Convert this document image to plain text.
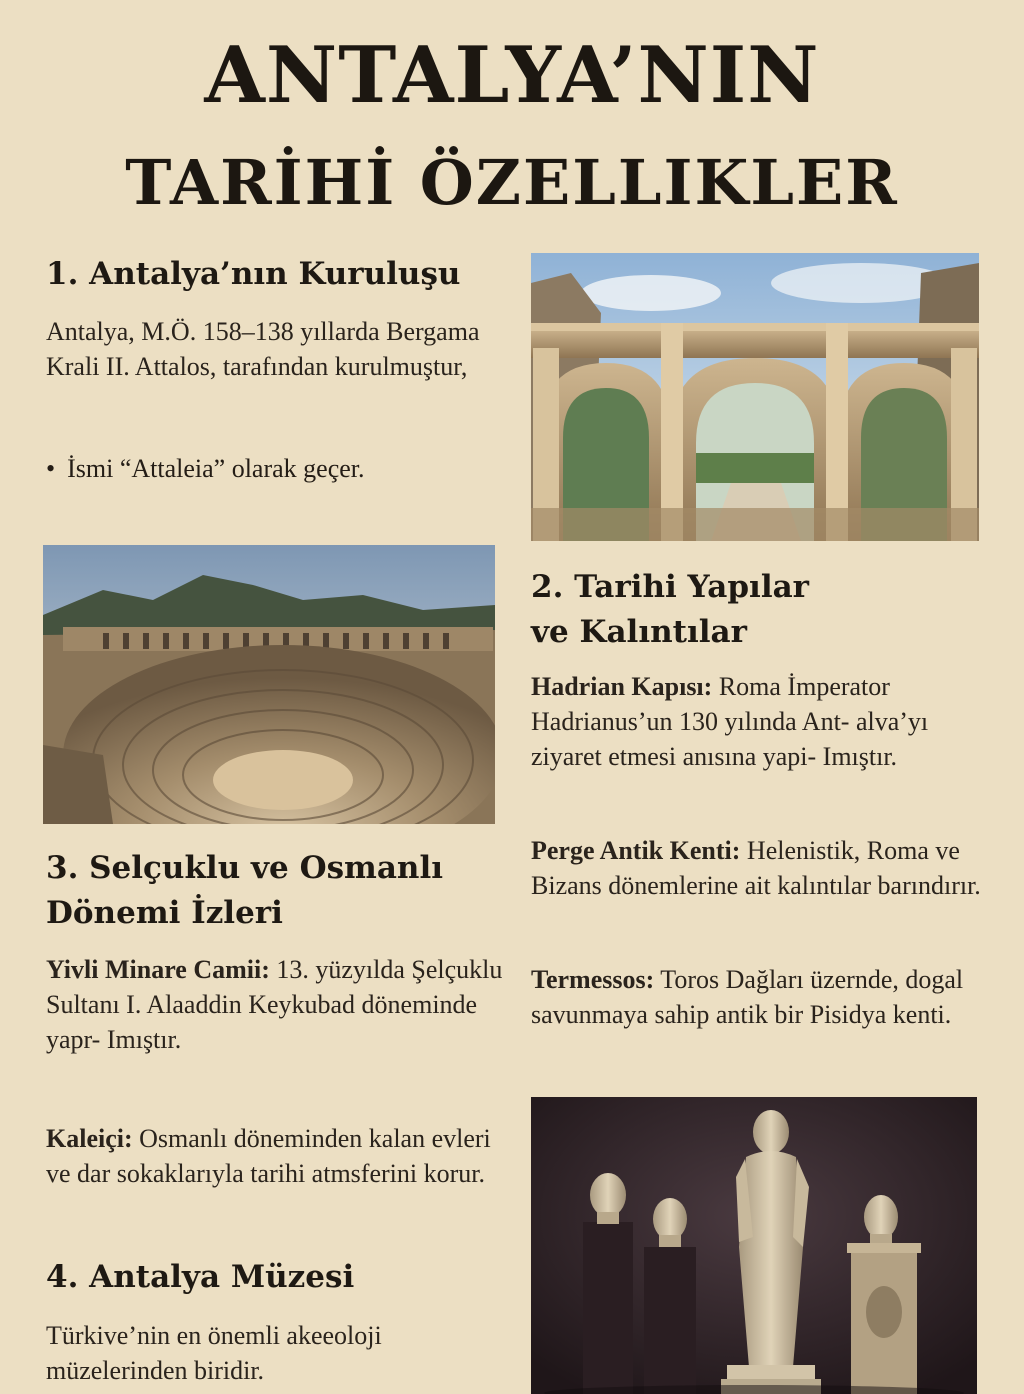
ANTALYA’NIN
TARİHİ ÖZELLIKLER
1. Antalya’nın Kuruluşu

Antalya, M.Ö. 158–138 yıllarda Bergama Krali II. Attalos, tarafından kurulmuştur,

• İsmi “Attaleia” olarak geçer.

2. Tarihi Yapılar
ve Kalıntılar

Hadrian Kapısı: Roma İmperator Hadrianus’un 130 yılında Ant- alva’yı ziyaret etmesi anısına yapi- Imıştır.

Perge Antik Kenti: Helenistik, Roma ve Bizans dönemlerine ait kalıntılar barındırır.

Termessos: Toros Dağları üzernde, dogal savunmaya sahip antik bir Pisidya kenti.

3. Selçuklu ve Osmanlı
Dönemi İzleri

Yivli Minare Camii: 13. yüzyılda Şelçuklu Sultanı I. Alaaddin Keykubad döneminde yapr- Imıştır.

Kaleiçi: Osmanlı döneminden kalan evleri ve dar sokaklarıyla tarihi atmsferini korur.

4. Antalya Müzesi

Türkive’nin en önemli akeeoloji müzelerinden biridir.
